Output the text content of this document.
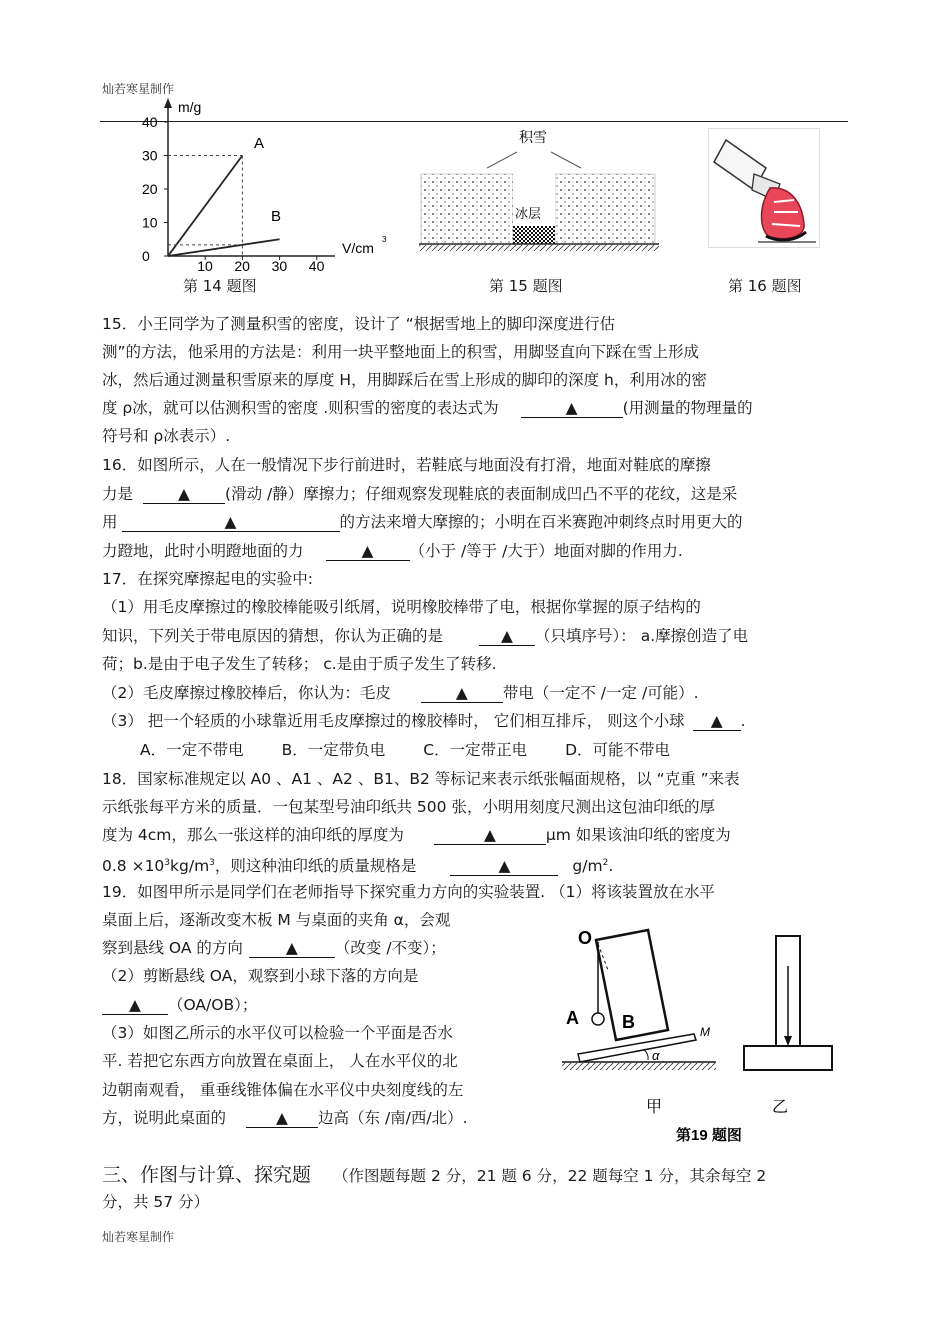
灿若寒星制作
m/g
V/cm
3
40
30
20
10
0
10 20 30 40
A
B
第 14 题图
积雪
冰层
第 15 题图	第 16 题图
15．小王同学为了测量积雪的密度，设计了 “根据雪地上的脚印深度进行估
测”的方法，他采用的方法是：利用一块平整地面上的积雪，用脚竖直向下踩在雪上形成
冰，然后通过测量积雪原来的厚度 H，用脚踩后在雪上形成的脚印的深度 h，利用冰的密
度 ρ冰，就可以估测积雪的密度 .则积雪的密度的表达式为	▲	(用测量的物理量的
符号和 ρ冰表示）.
16．如图所示，人在一般情况下步行前进时，若鞋底与地面没有打滑，地面对鞋底的摩擦
力是	▲ (滑动 /静）摩擦力；仔细观察发现鞋底的表面制成凹凸不平的花纹，这是采
用	▲	的方法来增大摩擦的；小明在百米赛跑冲刺终点时用更大的
力蹬地，此时小明蹬地面的力	▲ （小于 /等于 /大于）地面对脚的作用力.
17．在探究摩擦起电的实验中:
（1）用毛皮摩擦过的橡胶棒能吸引纸屑，说明橡胶棒带了电，根据你掌握的原子结构的
知识，下列关于带电原因的猜想，你认为正确的是	▲ （只填序号）： a.摩擦创造了电
荷；b.是由于电子发生了转移； c.是由于质子发生了转移.
（2）毛皮摩擦过橡胶棒后，你认为：毛皮	▲ 带电（一定不 /一定 /可能）.
（3） 把一个轻质的小球靠近用毛皮摩擦过的橡胶棒时， 它们相互排斥， 则这个小球 ▲ .
A．一定不带电 B．一定带负电 C．一定带正电 D．可能不带电
18．国家标准规定以 A0 、A1 、A2 、B1、B2 等标记来表示纸张幅面规格，以 “克重 ”来表
示纸张每平方米的质量．一包某型号油印纸共 500 张，小明用刻度尺测出这包油印纸的厚
度为 4cm，那么一张这样的油印纸的厚度为	▲	μm 如果该油印纸的密度为
$0.8 \times 10^3kg/m^3$，则这种油印纸的质量规格是	▲	$g/m^2$.
19．如图甲所示是同学们在老师指导下探究重力方向的实验装置. （1）将该装置放在水平
桌面上后，逐渐改变木板 M 与桌面的夹角 α，会观
察到悬线 OA 的方向	▲ （改变 /不变）；
（2）剪断悬线 OA，观察到小球下落的方向是
▲ （OA/OB）；
（3）如图乙所示的水平仪可以检验一个平面是否水
平. 若把它东西方向放置在桌面上， 人在水平仪的北
边朝南观看， 重垂线锥体偏在水平仪中央刻度线的左
方，说明此桌面的	▲ 边高（东 /南/西/北）.
O
A B	M
α
甲	乙
第19 题图
三、作图与计算、探究题 （作图题每题 2 分，21 题 6 分，22 题每空 1 分，其余每空 2
分，共 57 分）
灿若寒星制作
